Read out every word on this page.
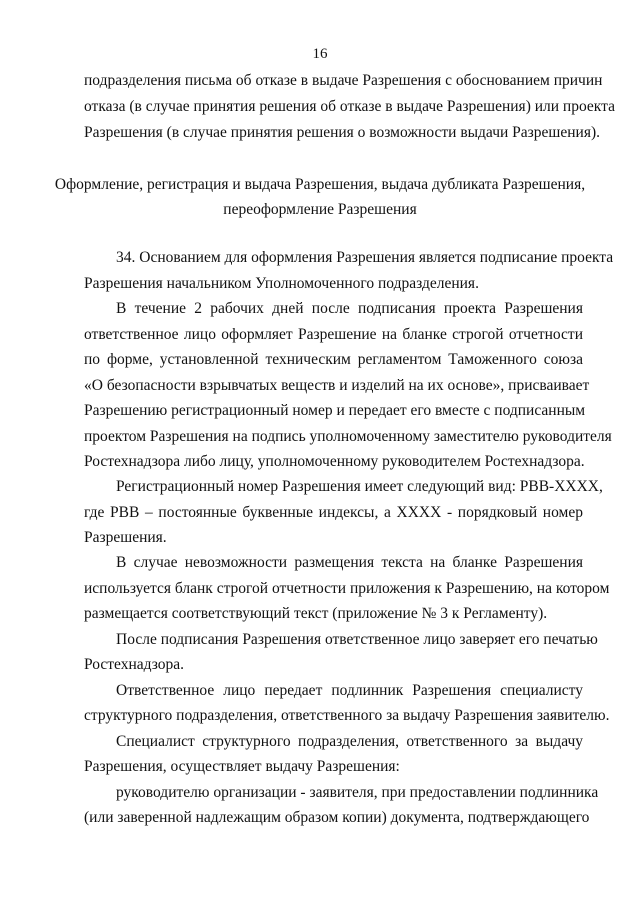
16
подразделения письма об отказе в выдаче Разрешения с обоснованием причин
отказа (в случае принятия решения об отказе в выдаче Разрешения) или проекта
Разрешения (в случае принятия решения о возможности выдачи Разрешения).
Оформление, регистрация и выдача Разрешения, выдача дубликата Разрешения,
переоформление Разрешения
34. Основанием для оформления Разрешения является подписание проекта
Разрешения начальником Уполномоченного подразделения.
В течение 2 рабочих дней после подписания проекта Разрешения
ответственное лицо оформляет Разрешение на бланке строгой отчетности
по форме, установленной техническим регламентом Таможенного союза
«О безопасности взрывчатых веществ и изделий на их основе», присваивает
Разрешению регистрационный номер и передает его вместе с подписанным
проектом Разрешения на подпись уполномоченному заместителю руководителя
Ростехнадзора либо лицу, уполномоченному руководителем Ростехнадзора.
Регистрационный номер Разрешения имеет следующий вид: РВВ-ХХХХ,
где РВВ – постоянные буквенные индексы, а ХХХХ - порядковый номер
Разрешения.
В случае невозможности размещения текста на бланке Разрешения
используется бланк строгой отчетности приложения к Разрешению, на котором
размещается соответствующий текст (приложение № 3 к Регламенту).
После подписания Разрешения ответственное лицо заверяет его печатью
Ростехнадзора.
Ответственное лицо передает подлинник Разрешения специалисту
структурного подразделения, ответственного за выдачу Разрешения заявителю.
Специалист структурного подразделения, ответственного за выдачу
Разрешения, осуществляет выдачу Разрешения:
руководителю организации - заявителя, при предоставлении подлинника
(или заверенной надлежащим образом копии) документа, подтверждающего
